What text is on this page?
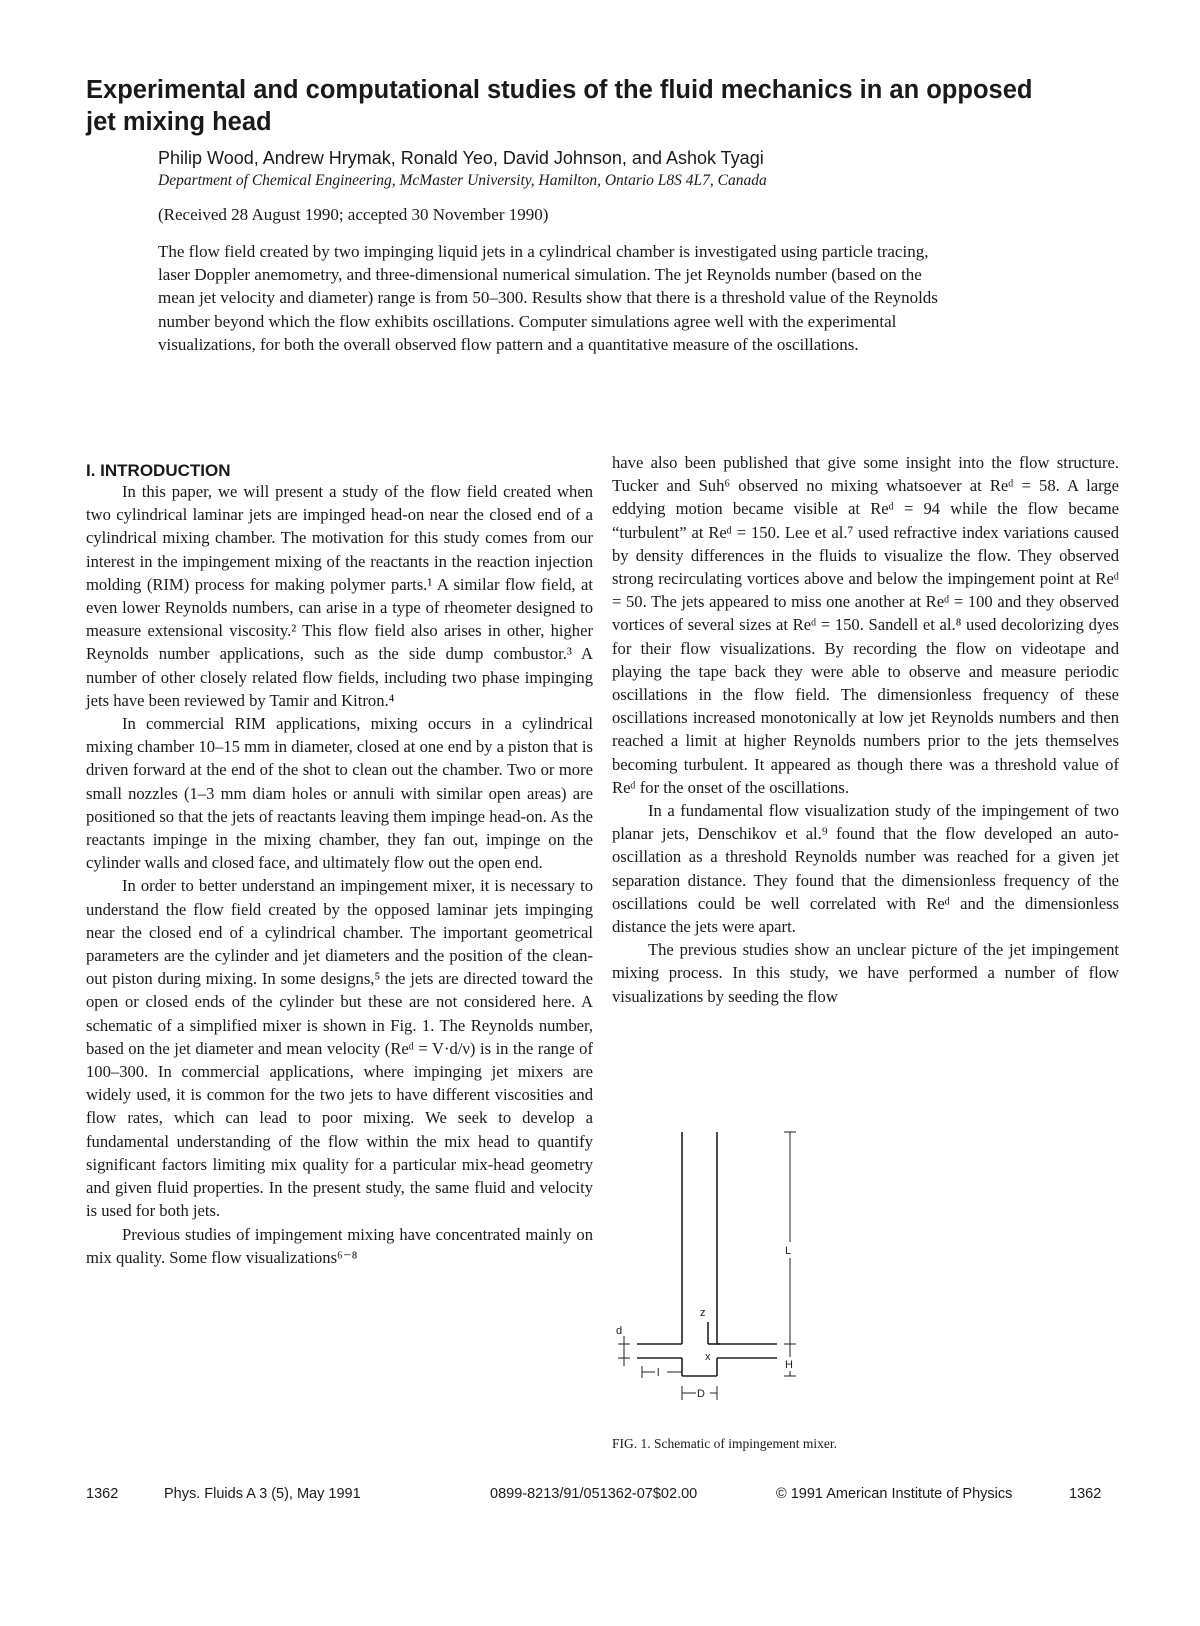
Experimental and computational studies of the fluid mechanics in an opposed jet mixing head
Philip Wood, Andrew Hrymak, Ronald Yeo, David Johnson, and Ashok Tyagi
Department of Chemical Engineering, McMaster University, Hamilton, Ontario L8S 4L7, Canada
(Received 28 August 1990; accepted 30 November 1990)

The flow field created by two impinging liquid jets in a cylindrical chamber is investigated using particle tracing, laser Doppler anemometry, and three-dimensional numerical simulation. The jet Reynolds number (based on the mean jet velocity and diameter) range is from 50–300. Results show that there is a threshold value of the Reynolds number beyond which the flow exhibits oscillations. Computer simulations agree well with the experimental visualizations, for both the overall observed flow pattern and a quantitative measure of the oscillations.

I. INTRODUCTION

In this paper, we will present a study of the flow field created when two cylindrical laminar jets are impinged head-on near the closed end of a cylindrical mixing chamber. The motivation for this study comes from our interest in the impingement mixing of the reactants in the reaction injection molding (RIM) process for making polymer parts.¹ A similar flow field, at even lower Reynolds numbers, can arise in a type of rheometer designed to measure extensional viscosity.² This flow field also arises in other, higher Reynolds number applications, such as the side dump combustor.³ A number of other closely related flow fields, including two phase impinging jets have been reviewed by Tamir and Kitron.⁴

In commercial RIM applications, mixing occurs in a cylindrical mixing chamber 10–15 mm in diameter, closed at one end by a piston that is driven forward at the end of the shot to clean out the chamber. Two or more small nozzles (1–3 mm diam holes or annuli with similar open areas) are positioned so that the jets of reactants leaving them impinge head-on. As the reactants impinge in the mixing chamber, they fan out, impinge on the cylinder walls and closed face, and ultimately flow out the open end.

In order to better understand an impingement mixer, it is necessary to understand the flow field created by the opposed laminar jets impinging near the closed end of a cylindrical chamber. The important geometrical parameters are the cylinder and jet diameters and the position of the clean-out piston during mixing. In some designs,⁵ the jets are directed toward the open or closed ends of the cylinder but these are not considered here. A schematic of a simplified mixer is shown in Fig. 1. The Reynolds number, based on the jet diameter and mean velocity (Reᵈ = V·d/ν) is in the range of 100–300. In commercial applications, where impinging jet mixers are widely used, it is common for the two jets to have different viscosities and flow rates, which can lead to poor mixing. We seek to develop a fundamental understanding of the flow within the mix head to quantify significant factors limiting mix quality for a particular mix-head geometry and given fluid properties. In the present study, the same fluid and velocity is used for both jets.

Previous studies of impingement mixing have concentrated mainly on mix quality. Some flow visualizations⁶⁻⁸

have also been published that give some insight into the flow structure. Tucker and Suh⁶ observed no mixing whatsoever at Reᵈ = 58. A large eddying motion became visible at Reᵈ = 94 while the flow became “turbulent” at Reᵈ = 150. Lee et al.⁷ used refractive index variations caused by density differences in the fluids to visualize the flow. They observed strong recirculating vortices above and below the impingement point at Reᵈ = 50. The jets appeared to miss one another at Reᵈ = 100 and they observed vortices of several sizes at Reᵈ = 150. Sandell et al.⁸ used decolorizing dyes for their flow visualizations. By recording the flow on videotape and playing the tape back they were able to observe and measure periodic oscillations in the flow field. The dimensionless frequency of these oscillations increased monotonically at low jet Reynolds numbers and then reached a limit at higher Reynolds numbers prior to the jets themselves becoming turbulent. It appeared as though there was a threshold value of Reᵈ for the onset of the oscillations.

In a fundamental flow visualization study of the impingement of two planar jets, Denschikov et al.⁹ found that the flow developed an auto-oscillation as a threshold Reynolds number was reached for a given jet separation distance. They found that the dimensionless frequency of the oscillations could be well correlated with Reᵈ and the dimensionless distance the jets were apart.

The previous studies show an unclear picture of the jet impingement mixing process. In this study, we have performed a number of flow visualizations by seeding the flow

d
l
D
L
H
z
x
FIG. 1. Schematic of impingement mixer.
1362	Phys. Fluids A 3 (5), May 1991	0899-8213/91/051362-07$02.00	© 1991 American Institute of Physics	1362
